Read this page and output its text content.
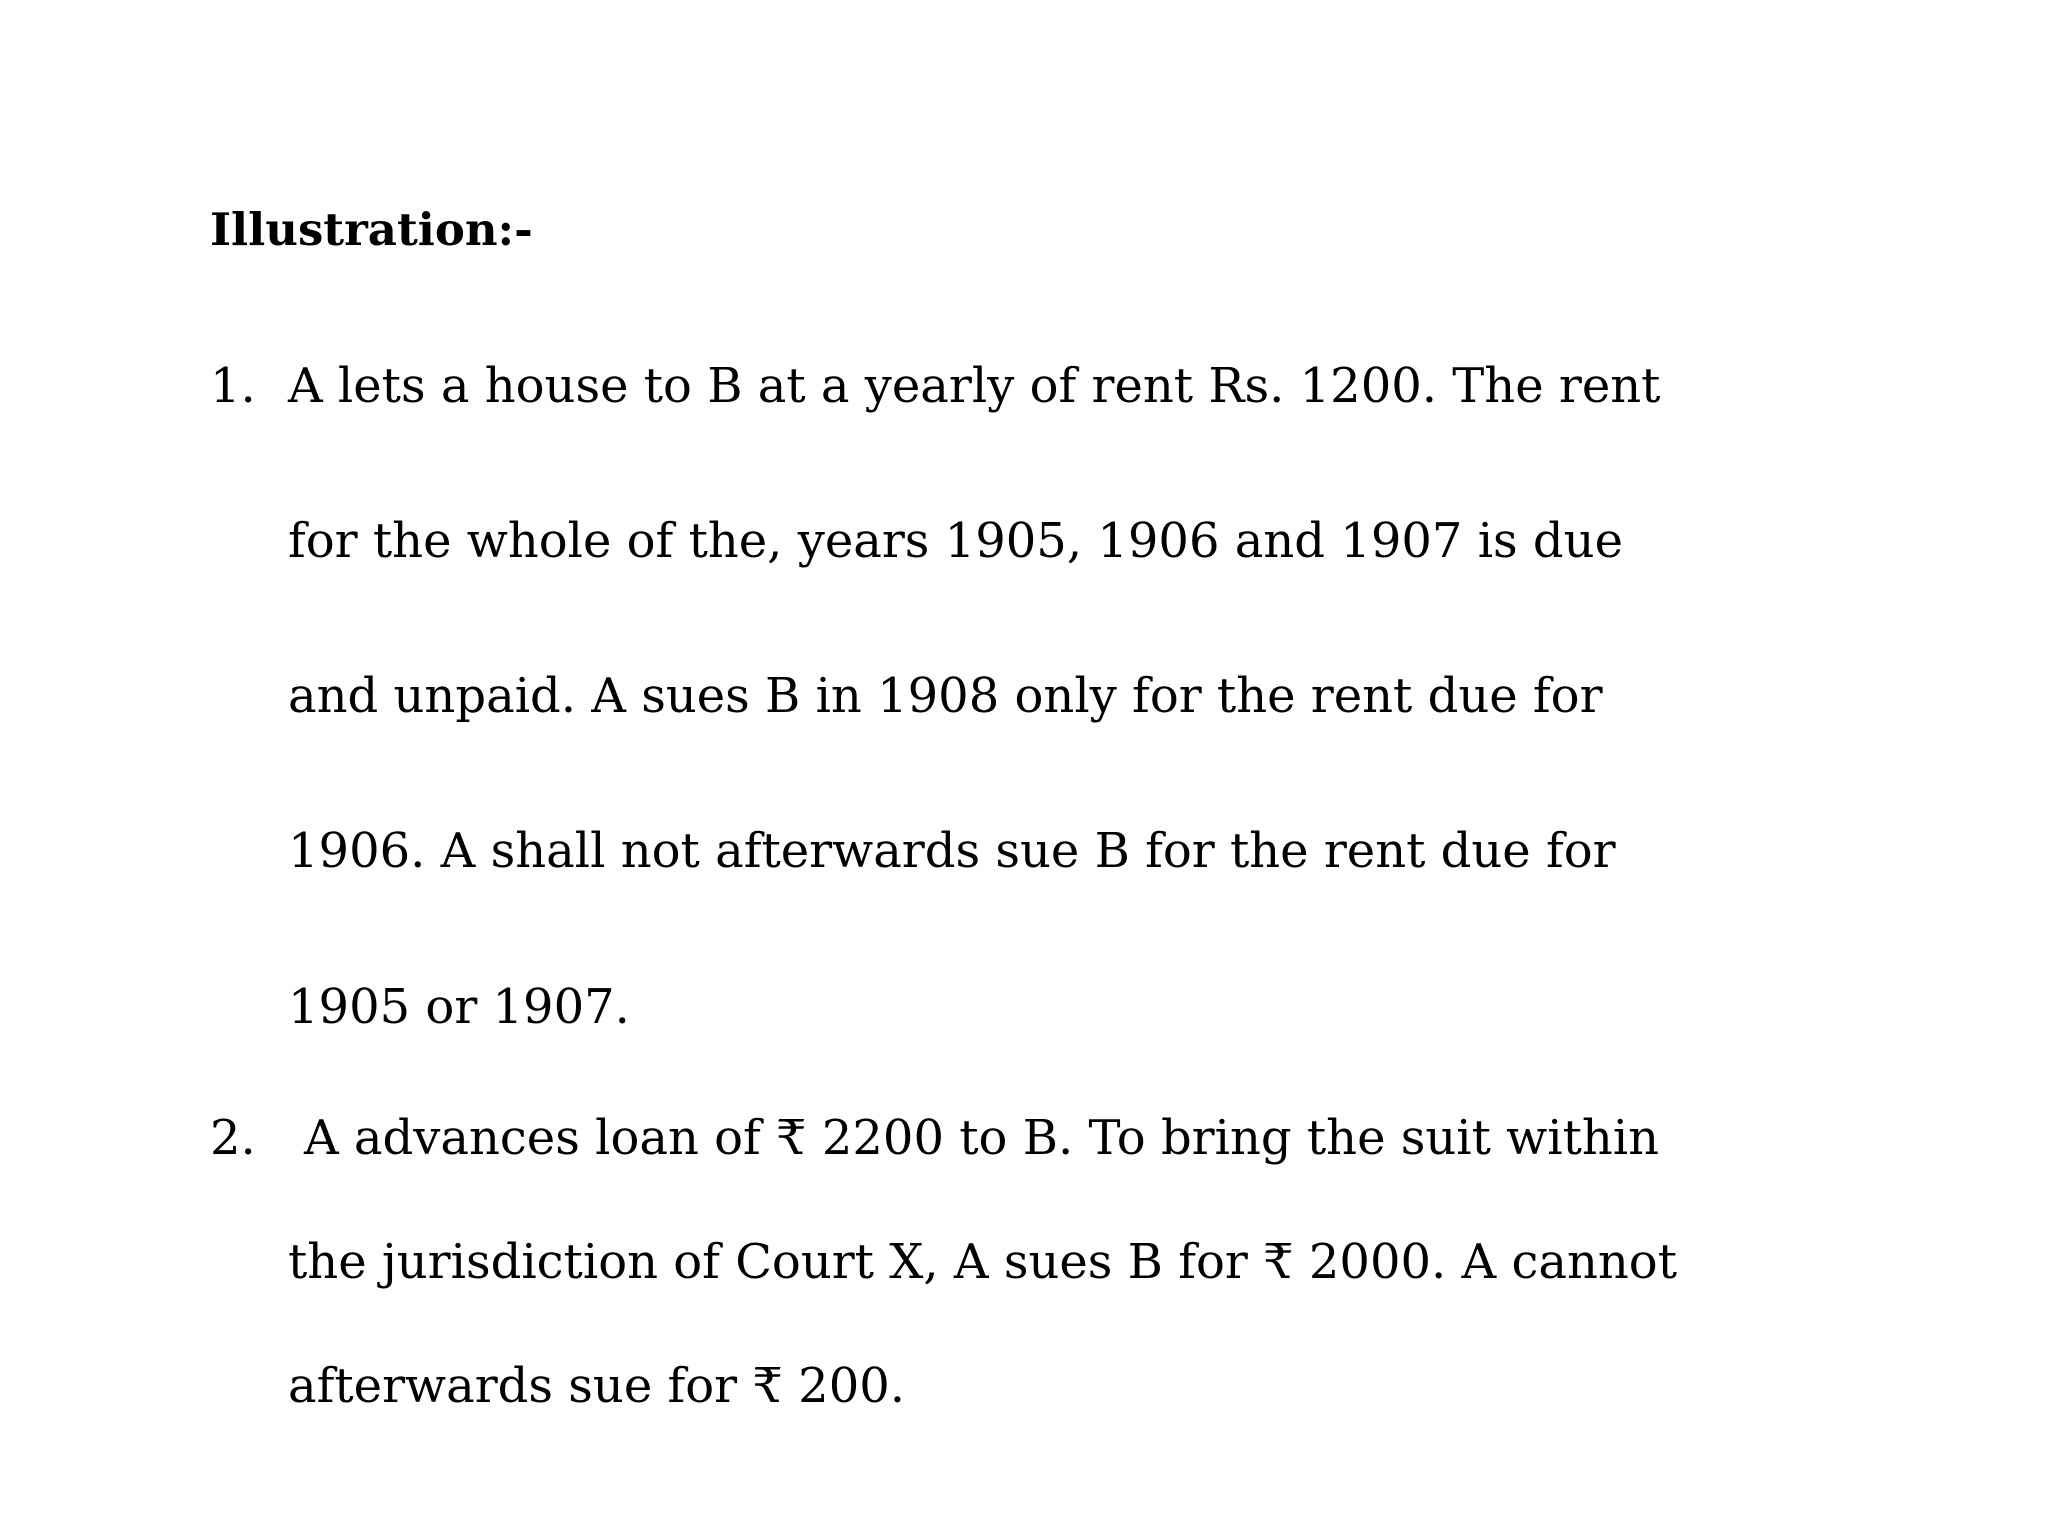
Illustration:-
1. A lets a house to B at a yearly of rent Rs. 1200. The rent
for the whole of the, years 1905, 1906 and 1907 is due
and unpaid. A sues B in 1908 only for the rent due for
1906. A shall not afterwards sue B for the rent due for
1905 or 1907.
2. A advances loan of ₹ 2200 to B. To bring the suit within
the jurisdiction of Court X, A sues B for ₹ 2000. A cannot
afterwards sue for ₹ 200.
